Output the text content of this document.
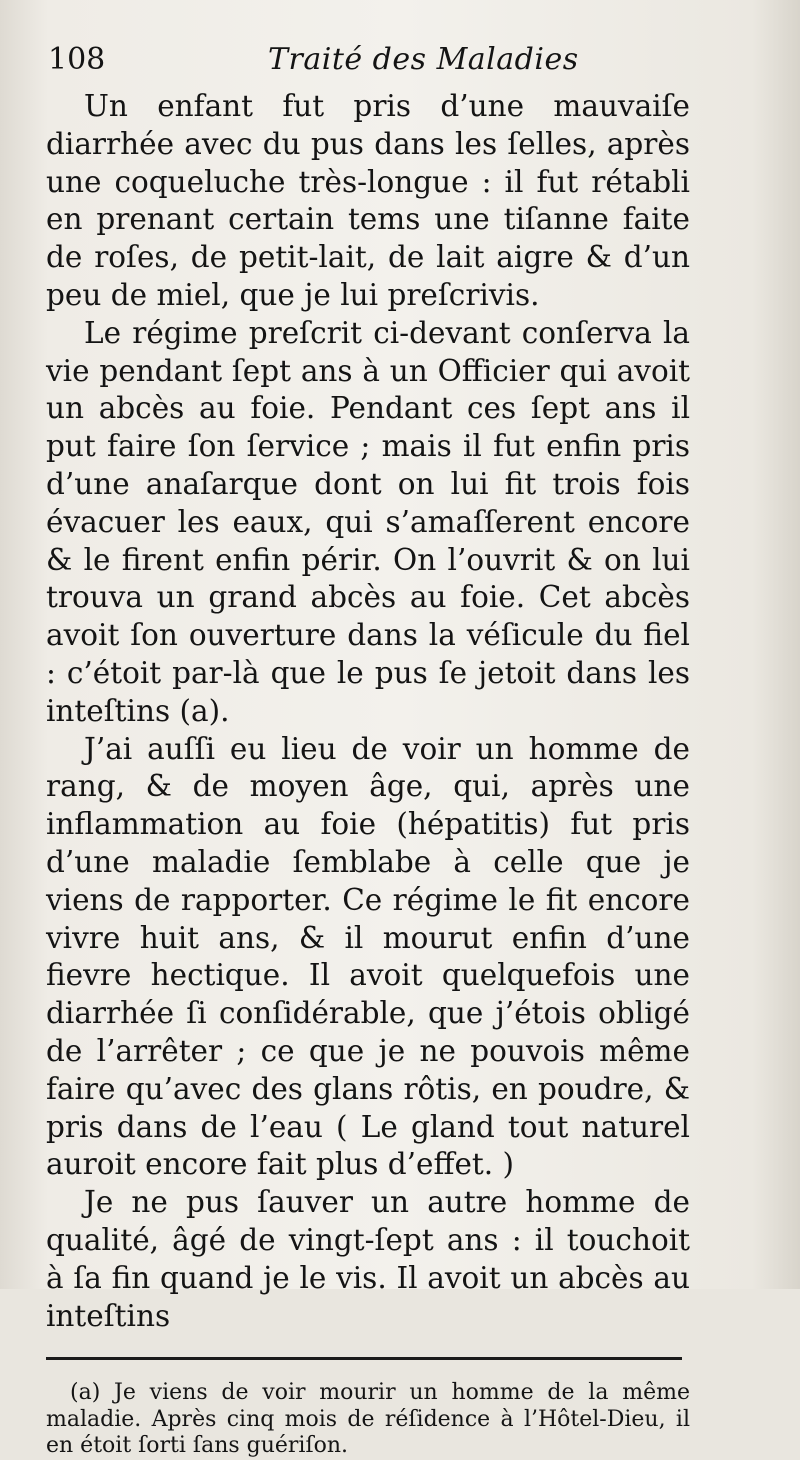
108	Traité des Maladies

Un enfant fut pris d’une mauvaiſe diarrhée avec du pus dans les ſelles, après une coqueluche très-longue : il fut rétabli en prenant certain tems une tiſanne faite de roſes, de petit-lait, de lait aigre & d’un peu de miel, que je lui preſcrivis.

Le régime preſcrit ci-devant conſerva la vie pendant ſept ans à un Officier qui avoit un abcès au foie. Pendant ces ſept ans il put faire ſon ſervice ; mais il fut enfin pris d’une anaſarque dont on lui fit trois fois évacuer les eaux, qui s’amaſſerent encore & le firent enfin périr. On l’ouvrit & on lui trouva un grand abcès au foie. Cet abcès avoit ſon ouverture dans la véſicule du fiel : c’étoit par-là que le pus ſe jetoit dans les inteſtins (a).

J’ai auſſi eu lieu de voir un homme de rang, & de moyen âge, qui, après une inflammation au foie (hépatitis) fut pris d’une maladie ſemblabe à celle que je viens de rapporter. Ce régime le fit encore vivre huit ans, & il mourut enfin d’une fievre hectique. Il avoit quelquefois une diarrhée ſi conſidérable, que j’étois obligé de l’arrêter ; ce que je ne pouvois même faire qu’avec des glans rôtis, en poudre, & pris dans de l’eau ( Le gland tout naturel auroit encore fait plus d’effet. )

Je ne pus ſauver un autre homme de qualité, âgé de vingt-ſept ans : il touchoit à ſa fin quand je le vis. Il avoit un abcès au inteſtins

(a) Je viens de voir mourir un homme de la même maladie. Après cinq mois de réſidence à l’Hôtel-Dieu, il en étoit ſorti ſans guériſon.
